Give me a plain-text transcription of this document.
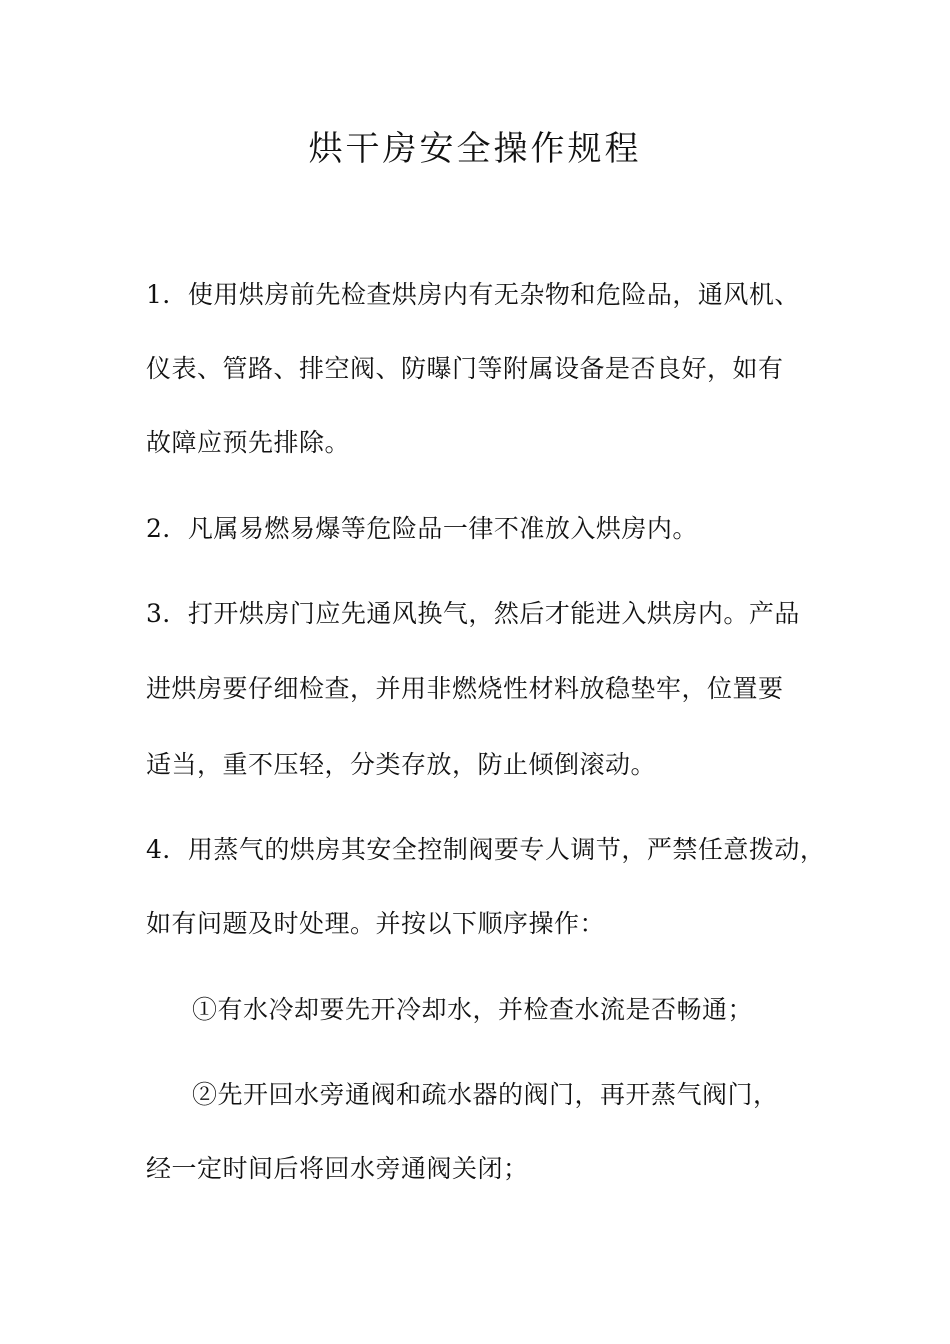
烘干房安全操作规程
1．使用烘房前先检查烘房内有无杂物和危险品，通风机、
仪表、管路、排空阀、防曝门等附属设备是否良好，如有
故障应预先排除。
2．凡属易燃易爆等危险品一律不准放入烘房内。
3．打开烘房门应先通风换气，然后才能进入烘房内。产品
进烘房要仔细检查，并用非燃烧性材料放稳垫牢，位置要
适当，重不压轻，分类存放，防止倾倒滚动。
4．用蒸气的烘房其安全控制阀要专人调节，严禁任意拨动，
如有问题及时处理。并按以下顺序操作：
①有水冷却要先开冷却水，并检查水流是否畅通；
②先开回水旁通阀和疏水器的阀门，再开蒸气阀门，
经一定时间后将回水旁通阀关闭；
